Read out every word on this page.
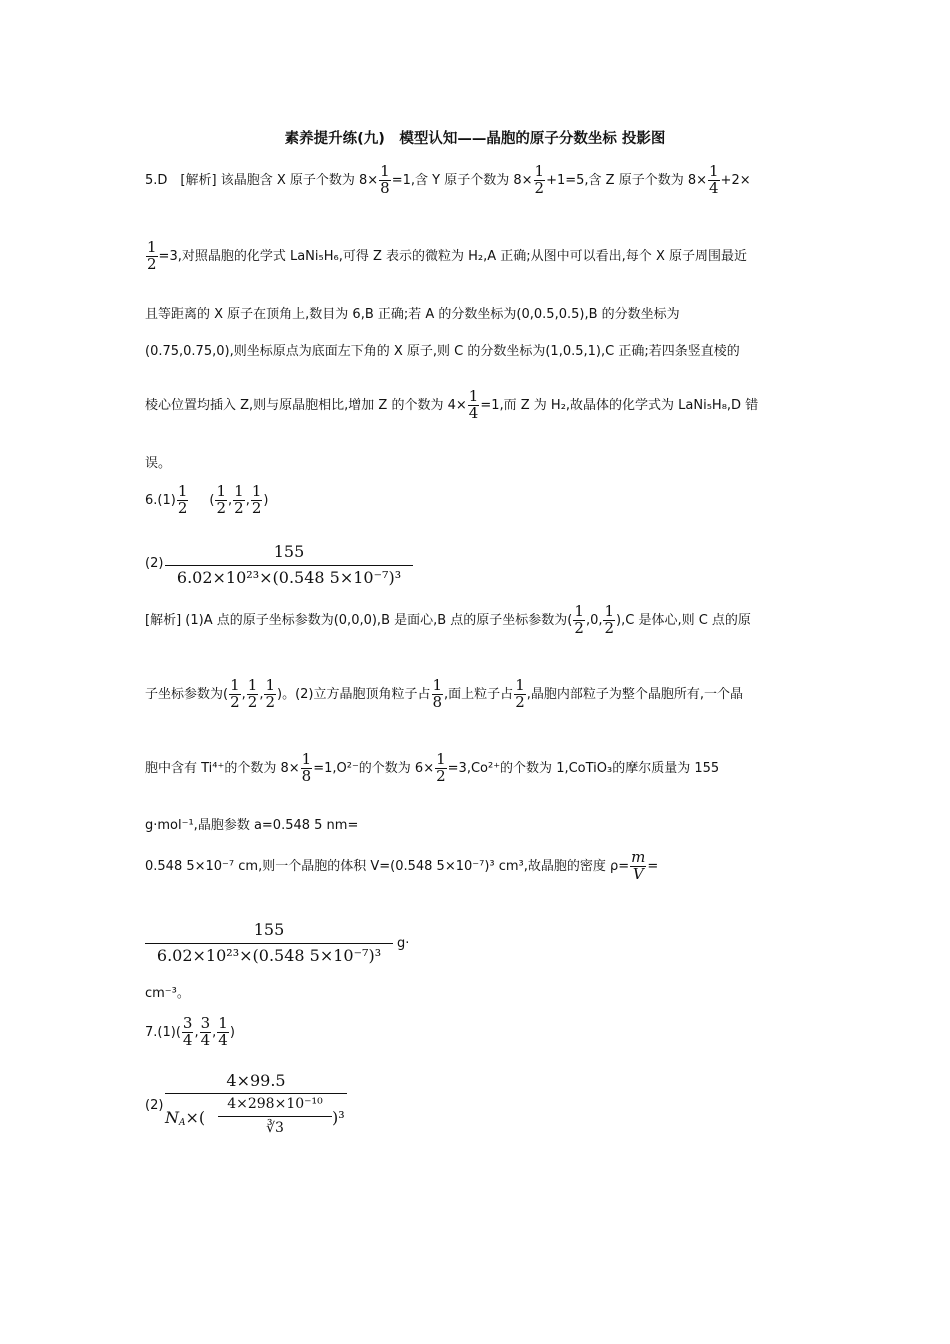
素养提升练(九)　模型认知——晶胞的原子分数坐标 投影图
5.D　[解析] 该晶胞含 X 原子个数为 $8\times \frac{1}{8} =1$,含 Y 原子个数为 $8\times \frac{1}{2} +1=5$,含 Z 原子个数为 $8\times \frac{1}{4} +2\times$
$\frac{1}{2} =3$,对照晶胞的化学式 LaNi₅H₆,可得 Z 表示的微粒为 H₂,A 正确;从图中可以看出,每个 X 原子周围最近
且等距离的 X 原子在顶角上,数目为 6,B 正确;若 A 的分数坐标为(0,0.5,0.5),B 的分数坐标为
(0.75,0.75,0),则坐标原点为底面左下角的 X 原子,则 C 的分数坐标为(1,0.5,1),C 正确;若四条竖直棱的
棱心位置均插入 Z,则与原晶胞相比,增加 Z 的个数为 $4\times \frac{1}{4} =1$,而 Z 为 H₂,故晶体的化学式为 LaNi₅H₈,D 错
误。
$6.(1) \frac{1}{2}$ ( $\frac{1}{2}$ , $\frac{1}{2}$ , $\frac{1}{2}$ )
(2)
155
6.02×10²³×(0.548 5×10⁻⁷)³
[解析] (1)A 点的原子坐标参数为(0,0,0),B 是面心,B 点的原子坐标参数为( $\frac{1}{2} ,0$, $\frac{1}{2} ),C$ 是体心,则 C 点的原
子坐标参数为( $\frac{1}{2}$ , $\frac{1}{2}$ , $\frac{1}{2}$ )。(2)立方晶胞顶角粒子占 $\frac{1}{8}$ ,面上粒子占 $\frac{1}{2}$ ,晶胞内部粒子为整个晶胞所有,一个晶
胞中含有 Ti⁴⁺的个数为 $8\times \frac{1}{8} =1,O^{2-}$的个数为 $6\times \frac{1}{2} =3,Co^{2+}$的个数为 1,CoTiO₃的摩尔质量为 155
g·mol⁻¹,晶胞参数 a=0.548 5 nm=
0.548 5×10⁻⁷ cm,则一个晶胞的体积 V=(0.548 5×10⁻⁷)³ cm³,故晶胞的密度 $\rho= \frac{m}{V}$ =
155
6.02×10²³×(0.548 5×10⁻⁷)³
g·
cm⁻³。
$7.(1)( \frac{3}{4}$ , $\frac{3}{4}$ , $\frac{1}{4}$ )
(2)
4×99.5
NA×(
4×298×10⁻¹⁰
∛3
)³
